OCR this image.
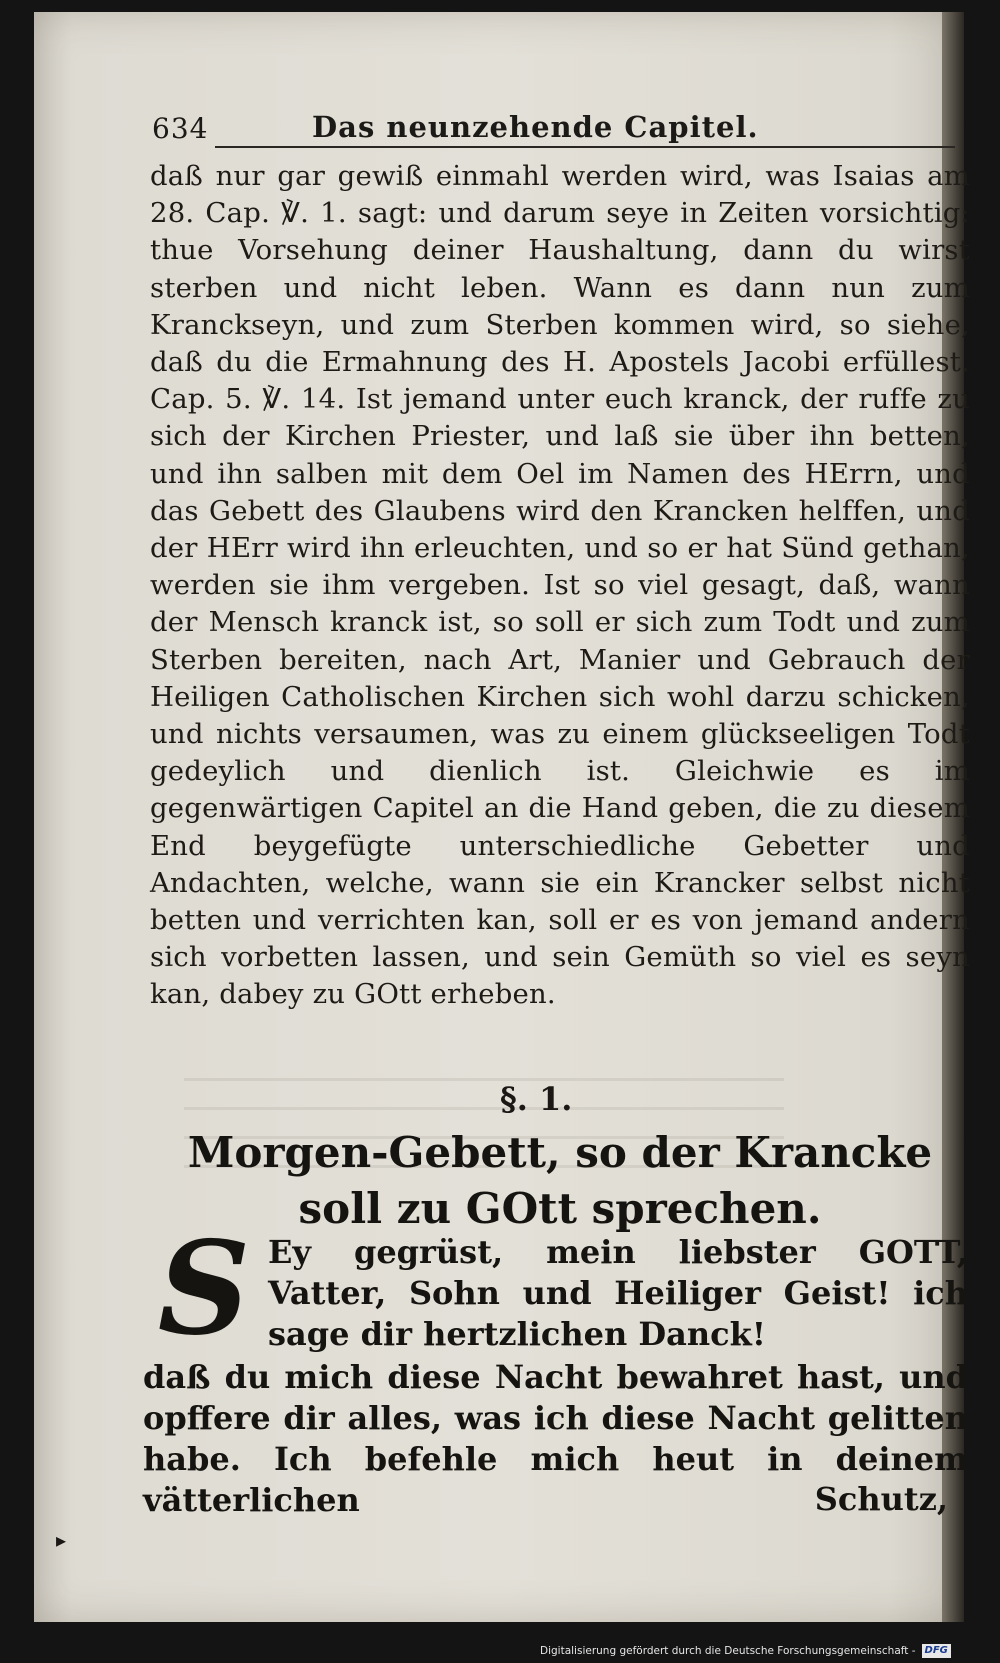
634	Das neunzehende Capitel.
daß nur gar gewiß einmahl werden wird, was Isaias am 28. Cap. ℣. 1. sagt: und darum seye in Zeiten vorsichtig: thue Vorsehung deiner Haushaltung, dann du wirst sterben und nicht leben. Wann es dann nun zum Kranckseyn, und zum Sterben kommen wird, so siehe, daß du die Ermahnung des H. Apostels Jacobi erfüllest. Cap. 5. ℣. 14. Ist jemand unter euch kranck, der ruffe zu sich der Kirchen Priester, und laß sie über ihn betten, und ihn salben mit dem Oel im Namen des HErrn, und das Gebett des Glaubens wird den Krancken helffen, und der HErr wird ihn erleuchten, und so er hat Sünd gethan, werden sie ihm vergeben. Ist so viel gesagt, daß, wann der Mensch kranck ist, so soll er sich zum Todt und zum Sterben bereiten, nach Art, Manier und Gebrauch der Heiligen Catholischen Kirchen sich wohl darzu schicken, und nichts versaumen, was zu einem glückseeligen Todt gedeylich und dienlich ist. Gleichwie es im gegenwärtigen Capitel an die Hand geben, die zu diesem End beygefügte unterschiedliche Gebetter und Andachten, welche, wann sie ein Krancker selbst nicht betten und verrichten kan, soll er es von jemand andern sich vorbetten lassen, und sein Gemüth so viel es seyn kan, dabey zu GOtt erheben.
§. 1.
Morgen-Gebett, so der Krancke soll zu GOtt sprechen.
S Ey gegrüst, mein liebster GOTT, Vatter, Sohn und Heiliger Geist! ich sage dir hertzlichen Danck!
daß du mich diese Nacht bewahret hast, und opffere dir alles, was ich diese Nacht gelitten habe. Ich befehle mich heut in deinem vätterlichen	Schutz,
▸
Digitalisierung gefördert durch die Deutsche Forschungsgemeinschaft - DFG
